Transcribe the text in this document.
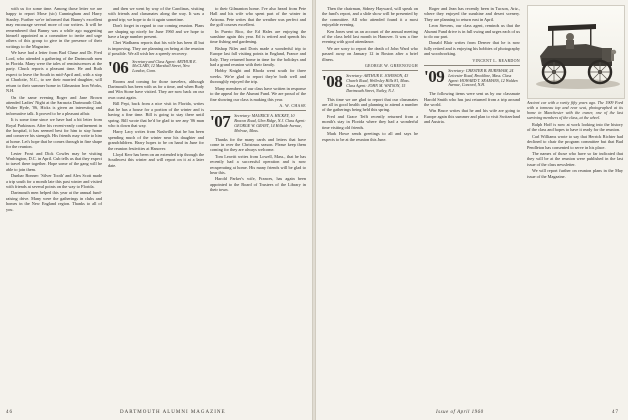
with us for some time. Among those letter we are happy to report Mose (sic) Cunningham and Harry Stanley. Further we're informed that Bunny's excellent may encourage several more of our writers. It will be remembered that Bunny was a while ago suggesting himself appointed as a committee to invite and urge others of this group to give in the presence of their writings to the Magazine.

We have had a letter from Bud Chase and Dr. Fred Lord, who attended a gathering of the Dartmouth men in Florida. Many were the tales of reminiscences at the party. Chuck reports a pleasant time. He and Ruth expect to leave the South in mid-April and, with a stop at Charlotte, N.C., to see their married daughter, will return to their summer home in Gilmanton Iron Works, N.H.

On the same evening Roger and Jane Brown attended Ladies' Night at the Sarasota Dartmouth Club. Walter Hyde, '06, Hicks is given an interesting and informative talk. It proved to be a pleasant affair.

It is some time since we have had a bit letter from Royal Parkinson. After his recent-ready confinement in the hospital, it has seemed best for him to stay home and conserve his strength. His friends may write to him at home. Let's hope that he comes through in fine shape for the reunion.

Lester Frost and Dick Cowles may be visiting Washington, D.C. in April. Cub tells us that they expect to travel there together. Hope some of the gang will be able to join them.

Dunbar Bonner: 'Silver Tooth' and Alex Scott made a trip south for a month late this past winter and visited with friends at several points on the way to Florida.

Dartmouth men helped this year at the annual fund-raising drive. Many were the gatherings in clubs and homes in the New England region. Thanks to all of you.

and then we went by way of the Carolinas, visiting with friends and classmates along the way. It was a grand trip; we hope to do it again sometime.

Don't forget in regard to our coming reunion. Plans are shaping up nicely for June 1960 and we hope to have a large number present.

Chet Wadhams reports that his wife has been ill but is improving. They are planning on being at the reunion if possible. We all wish her a speedy recovery.

'06 Secretary and Class Agent: ARTHUR E. McCLARY, 12 Marshall Street, New London, Conn.

Rooms and coming for those travelers, although Dartmouth has been with us for a time, and when Rudy and Win Stone have visited. They are now back on our own coast again.

Bill Pepi, back from a nice visit in Florida, writes that he has a house for a portion of the winter and is having a fine time. Bill is going to stay there until spring. Bill wrote that he'd be glad to see any '06 man who is down that way.

Harry Lacy writes from Nashville that he has been spending much of the winter near his daughter and grandchildren. Harry hopes to be on hand in June for the reunion festivities at Hanover.

Lloyd Kerr has been on an extended trip through the Southwest this winter and will report on it at a later date.

to their Gilmanton home. I've also heard from Pete Hall and his wife who spent part of the winter in Arizona. Pete writes that the weather was perfect and the golf courses excellent.

In Puerto Rico, the Ed Hales are enjoying the sunshine again this year. Ed is retired and spends his time fishing and gardening.

Bishop Niles and Doris made a wonderful trip to Europe last fall visiting points in England, France and Italy. They returned home in time for the holidays and had a grand reunion with their family.

Hobby Knight and Rhoda went south for three weeks. We're glad to report they're both well and thoroughly enjoyed the trip.

Many members of our class have written in response to the appeal for the Alumni Fund. We are proud of the fine showing our class is making this year.

A. W. CHASE

'07 Secretary: MAURICE A. HICKEY, 10 Beacon Road, Glen Ridge, N.J. Class Agent: GEORGE W. GRANT, 14 Hillside Avenue, Melrose, Mass.

Thanks for the many cards and letters that have come in over the Christmas season. Please keep them coming for they are always welcome.

Tom Leavitt writes from Lowell, Mass., that he has recently had a successful operation and is now recuperating at home. His many friends will be glad to hear this.

Harold Parker's wife, Frances, has again been appointed to the Board of Trustees of the Library in their town.

46	DARTMOUTH ALUMNI MAGAZINE

Then the chairman, Sidney Hayward, will speak on the fund's report, and a slide show will be presented by the committee. All who attended found it a most enjoyable evening.

Ken Jones sent us an account of the annual meeting of the class held last month in Hanover. It was a fine evening with good attendance.

We are sorry to report the death of John Ward who passed away on January 12 in Boston after a brief illness.

GEORGE W. GREENOUGH

'08 Secretary: ARTHUR E. JOHNSON, 43 Church Road, Wellesley Hills 81, Mass. Class Agent: JOHN M. WATSON, 15 Dartmouth Street, Nutley, N.J.

This time we are glad to report that our classmates are all in good health and planning to attend a number of the gatherings being held this spring.

Fred and Grace Tefft recently returned from a month's stay in Florida where they had a wonderful time visiting old friends.

Mark Howe sends greetings to all and says he expects to be at the reunion this June.

Roger and Jean has recently been in Tucson, Ariz., where they enjoyed the sunshine and desert scenery. They are planning to return east in April.

Leon Stevens, our class agent, reminds us that the Alumni Fund drive is in full swing and urges each of us to do our part.

Donald Blair writes from Denver that he is now fully retired and is enjoying his hobbies of photography and woodworking.

VINCENT L. REARDON

'09 Secretary: CHESTER B. BURNHAM, 24 Leicester Road, Brookline, Mass. Class Agent: HOWARD T. SEAMANS, 12 Walden Avenue, Concord, N.H.

The following items were sent us by our classmate Harold Smith who has just returned from a trip around the world.

Win Bruce writes that he and his wife are going to Europe again this summer and plan to visit Switzerland and Austria.

Ancient car with a rarity fifty years ago. The 1909 Ford with a tonneau top and rear seat, photographed at its home in Manchester with the owner, one of the last surviving members of the class, at the wheel.

Ralph Hoff is now at work looking into the history of the class and hopes to have it ready for the reunion.

Carl Williams wrote to say that Herrick Richter had declined to chair the program committee but that Bud Pendleton has consented to serve in his place.

The names of those who have so far indicated that they will be at the reunion were published in the last issue of the class newsletter.

We will report further on reunion plans in the May issue of the Magazine.

Issue of April 1960	47
